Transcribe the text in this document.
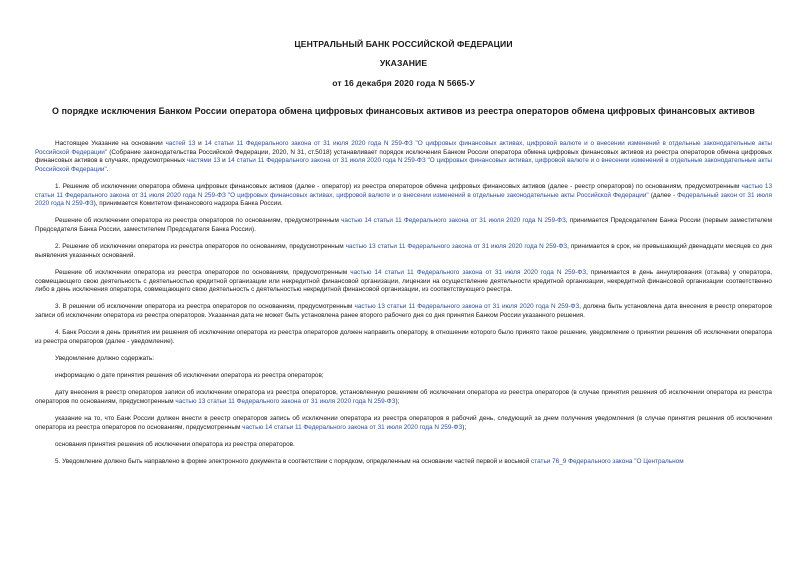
ЦЕНТРАЛЬНЫЙ БАНК РОССИЙСКОЙ ФЕДЕРАЦИИ
УКАЗАНИЕ
от 16 декабря 2020 года N 5665-У
О порядке исключения Банком России оператора обмена цифровых финансовых активов из реестра операторов обмена цифровых финансовых активов

Настоящее Указание на основании частей 13 и 14 статьи 11 Федерального закона от 31 июля 2020 года N 259-ФЗ "О цифровых финансовых активах, цифровой валюте и о внесении изменений в отдельные законодательные акты Российской Федерации" (Собрание законодательства Российской Федерации, 2020, N 31, ст.5018) устанавливает порядок исключения Банком России оператора обмена цифровых финансовых активов из реестра операторов обмена цифровых финансовых активов в случаях, предусмотренных частями 13 и 14 статьи 11 Федерального закона от 31 июля 2020 года N 259-ФЗ "О цифровых финансовых активах, цифровой валюте и о внесении изменений в отдельные законодательные акты Российской Федерации".

1. Решение об исключении оператора обмена цифровых финансовых активов (далее - оператор) из реестра операторов обмена цифровых финансовых активов (далее - реестр операторов) по основаниям, предусмотренным частью 13 статьи 11 Федерального закона от 31 июля 2020 года N 259-ФЗ "О цифровых финансовых активах, цифровой валюте и о внесении изменений в отдельные законодательные акты Российской Федерации" (далее - Федеральный закон от 31 июля 2020 года N 259-ФЗ), принимается Комитетом финансового надзора Банка России.

Решение об исключении оператора из реестра операторов по основаниям, предусмотренным частью 14 статьи 11 Федерального закона от 31 июля 2020 года N 259-ФЗ, принимается Председателем Банка России (первым заместителем Председателя Банка России, заместителем Председателя Банка России).

2. Решение об исключении оператора из реестра операторов по основаниям, предусмотренным частью 13 статьи 11 Федерального закона от 31 июля 2020 года N 259-ФЗ, принимается в срок, не превышающий двенадцати месяцев со дня выявления указанных оснований.

Решение об исключении оператора из реестра операторов по основаниям, предусмотренным частью 14 статьи 11 Федерального закона от 31 июля 2020 года N 259-ФЗ, принимается в день аннулирования (отзыва) у оператора, совмещающего свою деятельность с деятельностью кредитной организации или некредитной финансовой организации, лицензии на осуществление деятельности кредитной организации, некредитной финансовой организации соответственно либо в день исключения оператора, совмещающего свою деятельность с деятельностью некредитной финансовой организации, из соответствующего реестра.

3. В решении об исключении оператора из реестра операторов по основаниям, предусмотренным частью 13 статьи 11 Федерального закона от 31 июля 2020 года N 259-ФЗ, должна быть установлена дата внесения в реестр операторов записи об исключении оператора из реестра операторов. Указанная дата не может быть установлена ранее второго рабочего дня со дня принятия Банком России указанного решения.

4. Банк России в день принятия им решения об исключении оператора из реестра операторов должен направить оператору, в отношении которого было принято такое решение, уведомление о принятии решения об исключении оператора из реестра операторов (далее - уведомление).

Уведомление должно содержать:

информацию о дате принятия решения об исключении оператора из реестра операторов;

дату внесения в реестр операторов записи об исключении оператора из реестра операторов, установленную решением об исключении оператора из реестра операторов (в случае принятия решения об исключении оператора из реестра операторов по основаниям, предусмотренным частью 13 статьи 11 Федерального закона от 31 июля 2020 года N 259-ФЗ);

указание на то, что Банк России должен внести в реестр операторов запись об исключении оператора из реестра операторов в рабочий день, следующий за днем получения уведомления (в случае принятия решения об исключении оператора из реестра операторов по основаниям, предусмотренным частью 14 статьи 11 Федерального закона от 31 июля 2020 года N 259-ФЗ);

основания принятия решения об исключении оператора из реестра операторов.

5. Уведомление должно быть направлено в форме электронного документа в соответствии с порядком, определенным на основании частей первой и восьмой статьи 76_9 Федерального закона "О Центральном
